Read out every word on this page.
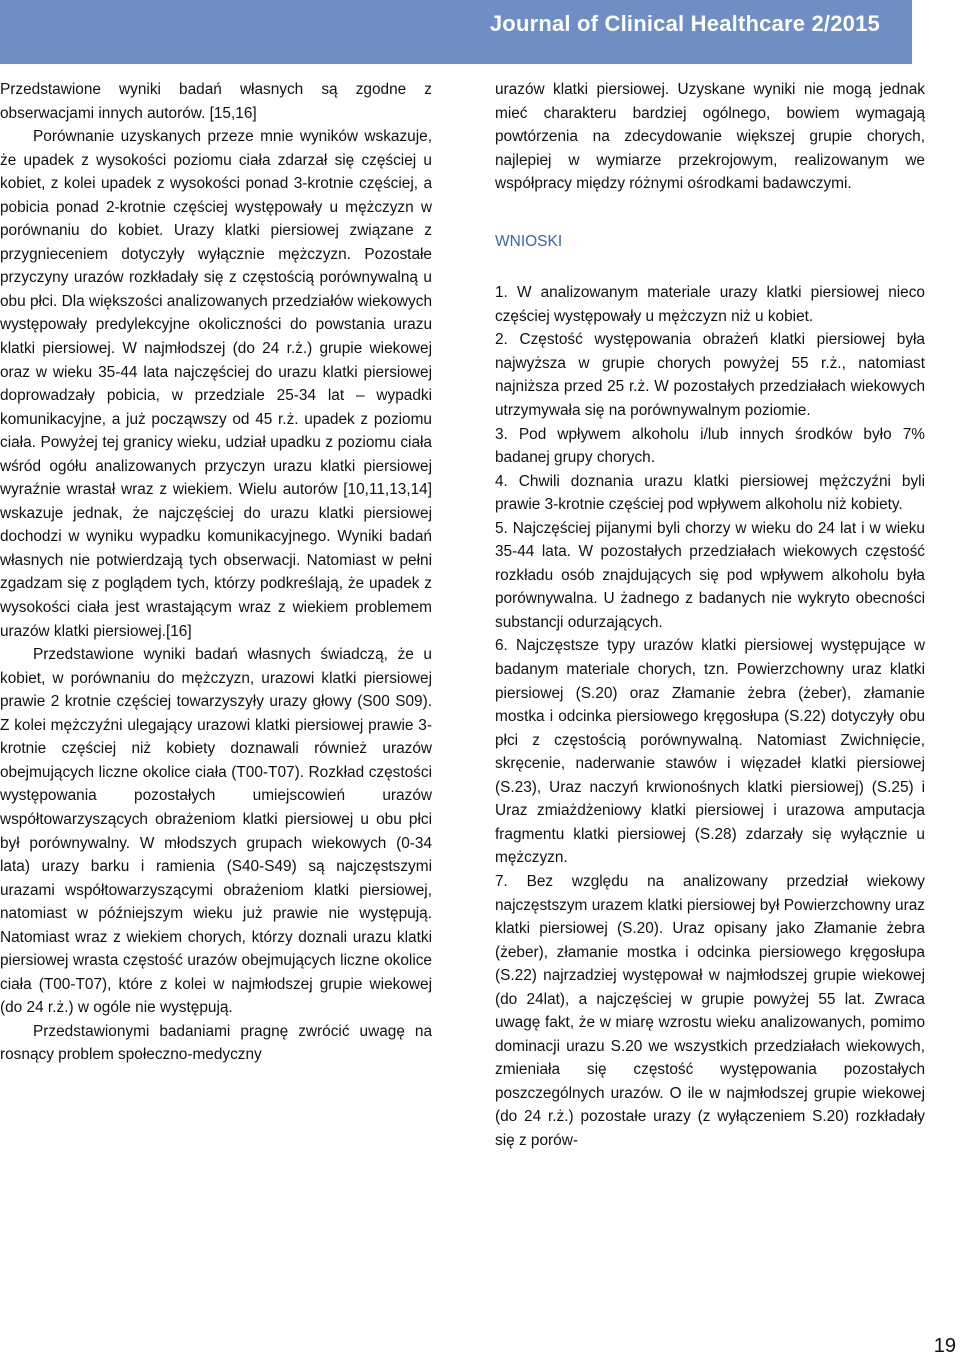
Journal of Clinical Healthcare 2/2015

Przedstawione wyniki badań własnych są zgodne z obserwacjami innych autorów. [15,16]

Porównanie uzyskanych przeze mnie wyników wskazuje, że upadek z wysokości poziomu ciała zdarzał się częściej u kobiet, z kolei upadek z wysokości ponad 3-krotnie częściej, a pobicia ponad 2-krotnie częściej występowały u mężczyzn w porównaniu do kobiet. Urazy klatki piersiowej związane z przygnieceniem dotyczyły wyłącznie mężczyzn. Pozostałe przyczyny urazów rozkładały się z częstością porównywalną u obu płci. Dla większości analizowanych przedziałów wiekowych występowały predylekcyjne okoliczności do powstania urazu klatki piersiowej. W najmłodszej (do 24 r.ż.) grupie wiekowej oraz w wieku 35-44 lata najczęściej do urazu klatki piersiowej doprowadzały pobicia, w przedziale 25-34 lat – wypadki komunikacyjne, a już począwszy od 45 r.ż. upadek z poziomu ciała. Powyżej tej granicy wieku, udział upadku z poziomu ciała wśród ogółu analizowanych przyczyn urazu klatki piersiowej wyraźnie wrastał wraz z wiekiem. Wielu autorów [10,11,13,14] wskazuje jednak, że najczęściej do urazu klatki piersiowej dochodzi w wyniku wypadku komunikacyjnego. Wyniki badań własnych nie potwierdzają tych obserwacji. Natomiast w pełni zgadzam się z poglądem tych, którzy podkreślają, że upadek z wysokości ciała jest wrastającym wraz z wiekiem problemem urazów klatki piersiowej.[16]

Przedstawione wyniki badań własnych świadczą, że u kobiet, w porównaniu do mężczyzn, urazowi klatki piersiowej prawie 2 krotnie częściej towarzyszyły urazy głowy (S00 S09). Z kolei mężczyźni ulegający urazowi klatki piersiowej prawie 3-krotnie częściej niż kobiety doznawali również urazów obejmujących liczne okolice ciała (T00-T07). Rozkład częstości występowania pozostałych umiejscowień urazów współtowarzyszących obrażeniom klatki piersiowej u obu płci był porównywalny. W młodszych grupach wiekowych (0-34 lata) urazy barku i ramienia (S40-S49) są najczęstszymi urazami współtowarzyszącymi obrażeniom klatki piersiowej, natomiast w późniejszym wieku już prawie nie występują. Natomiast wraz z wiekiem chorych, którzy doznali urazu klatki piersiowej wrasta częstość urazów obejmujących liczne okolice ciała (T00-T07), które z kolei w najmłodszej grupie wiekowej (do 24 r.ż.) w ogóle nie występują.

Przedstawionymi badaniami pragnę zwrócić uwagę na rosnący problem społeczno-medyczny

urazów klatki piersiowej. Uzyskane wyniki nie mogą jednak mieć charakteru bardziej ogólnego, bowiem wymagają powtórzenia na zdecydowanie większej grupie chorych, najlepiej w wymiarze przekrojowym, realizowanym we współpracy między różnymi ośrodkami badawczymi.

WNIOSKI

1. W analizowanym materiale urazy klatki piersiowej nieco częściej występowały u mężczyzn niż u kobiet.

2. Częstość występowania obrażeń klatki piersiowej była najwyższa w grupie chorych powyżej 55 r.ż., natomiast najniższa przed 25 r.ż. W pozostałych przedziałach wiekowych utrzymywała się na porównywalnym poziomie.

3. Pod wpływem alkoholu i/lub innych środków było 7% badanej grupy chorych.

4. Chwili doznania urazu klatki piersiowej mężczyźni byli prawie 3-krotnie częściej pod wpływem alkoholu niż kobiety.

5. Najczęściej pijanymi byli chorzy w wieku do 24 lat i w wieku 35-44 lata. W pozostałych przedziałach wiekowych częstość rozkładu osób znajdujących się pod wpływem alkoholu była porównywalna. U żadnego z badanych nie wykryto obecności substancji odurzających.

6. Najczęstsze typy urazów klatki piersiowej występujące w badanym materiale chorych, tzn. Powierzchowny uraz klatki piersiowej (S.20) oraz Złamanie żebra (żeber), złamanie mostka i odcinka piersiowego kręgosłupa (S.22) dotyczyły obu płci z częstością porównywalną. Natomiast Zwichnięcie, skręcenie, naderwanie stawów i więzadeł klatki piersiowej (S.23), Uraz naczyń krwionośnych klatki piersiowej) (S.25) i Uraz zmiażdżeniowy klatki piersiowej i urazowa amputacja fragmentu klatki piersiowej (S.28) zdarzały się wyłącznie u mężczyzn.

7. Bez względu na analizowany przedział wiekowy najczęstszym urazem klatki piersiowej był Powierzchowny uraz klatki piersiowej (S.20). Uraz opisany jako Złamanie żebra (żeber), złamanie mostka i odcinka piersiowego kręgosłupa (S.22) najrzadziej występował w najmłodszej grupie wiekowej (do 24lat), a najczęściej w grupie powyżej 55 lat. Zwraca uwagę fakt, że w miarę wzrostu wieku analizowanych, pomimo dominacji urazu S.20 we wszystkich przedziałach wiekowych, zmieniała się częstość występowania pozostałych poszczególnych urazów. O ile w najmłodszej grupie wiekowej (do 24 r.ż.) pozostałe urazy (z wyłączeniem S.20) rozkładały się z porów-

19
